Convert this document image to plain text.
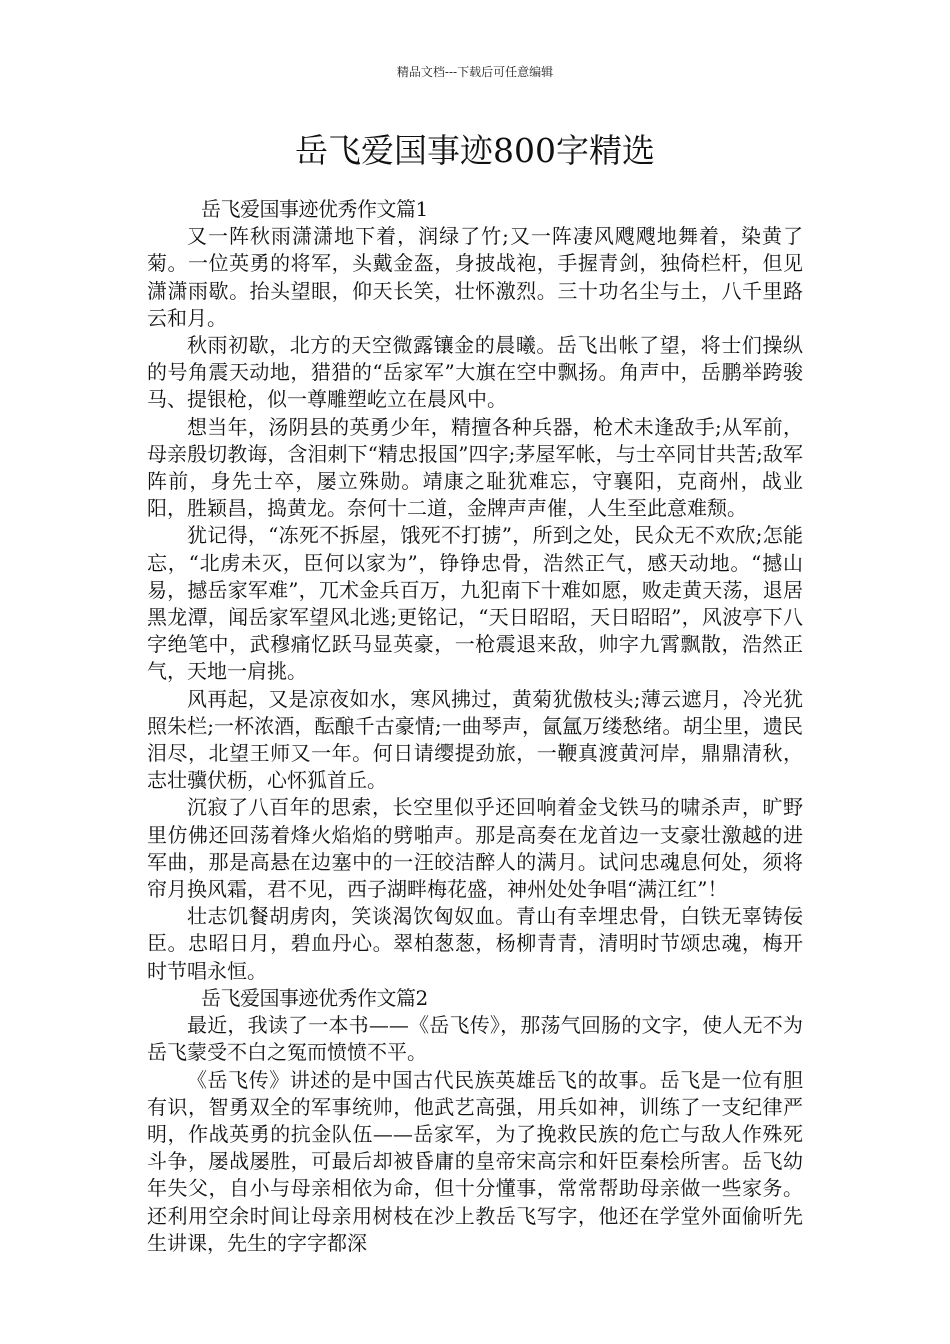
精品文档---下载后可任意编辑
岳飞爱国事迹800字精选

岳飞爱国事迹优秀作文篇1

又一阵秋雨潇潇地下着，润绿了竹;又一阵凄风飕飕地舞着，染黄了菊。一位英勇的将军，头戴金盔，身披战袍，手握青剑，独倚栏杆，但见潇潇雨歇。抬头望眼，仰天长笑，壮怀激烈。三十功名尘与土，八千里路云和月。

秋雨初歇，北方的天空微露镶金的晨曦。岳飞出帐了望，将士们操纵的号角震天动地，猎猎的“岳家军”大旗在空中飘扬。角声中，岳鹏举跨骏马、提银枪，似一尊雕塑屹立在晨风中。

想当年，汤阴县的英勇少年，精擅各种兵器，枪术未逢敌手;从军前，母亲殷切教诲，含泪刺下“精忠报国”四字;茅屋军帐，与士卒同甘共苦;敌军阵前，身先士卒，屡立殊勋。靖康之耻犹难忘，守襄阳，克商州，战业阳，胜颖昌，捣黄龙。奈何十二道，金牌声声催，人生至此意难颓。

犹记得，“冻死不拆屋，饿死不打掳”，所到之处，民众无不欢欣;怎能忘，“北虏未灭，臣何以家为”，铮铮忠骨，浩然正气，感天动地。“撼山易，撼岳家军难”，兀术金兵百万，九犯南下十难如愿，败走黄天荡，退居黑龙潭，闻岳家军望风北逃;更铭记，“天日昭昭，天日昭昭”，风波亭下八字绝笔中，武穆痛忆跃马显英豪，一枪震退来敌，帅字九霄飘散，浩然正气，天地一肩挑。

风再起，又是凉夜如水，寒风拂过，黄菊犹傲枝头;薄云遮月，冷光犹照朱栏;一杯浓酒，酝酿千古豪情;一曲琴声，氤氲万缕愁绪。胡尘里，遗民泪尽，北望王师又一年。何日请缨提劲旅，一鞭真渡黄河岸，鼎鼎清秋，志壮骥伏枥，心怀狐首丘。

沉寂了八百年的思索，长空里似乎还回响着金戈铁马的啸杀声，旷野里仿佛还回荡着烽火焰焰的劈啪声。那是高奏在龙首边一支豪壮激越的进军曲，那是高悬在边塞中的一汪皎洁醉人的满月。试问忠魂息何处，须将帘月换风霜，君不见，西子湖畔梅花盛，神州处处争唱“满江红”！

壮志饥餐胡虏肉，笑谈渴饮匈奴血。青山有幸埋忠骨，白铁无辜铸佞臣。忠昭日月，碧血丹心。翠柏葱葱，杨柳青青，清明时节颂忠魂，梅开时节唱永恒。

岳飞爱国事迹优秀作文篇2

最近，我读了一本书——《岳飞传》，那荡气回肠的文字，使人无不为岳飞蒙受不白之冤而愤愤不平。

《岳飞传》讲述的是中国古代民族英雄岳飞的故事。岳飞是一位有胆有识，智勇双全的军事统帅，他武艺高强，用兵如神，训练了一支纪律严明，作战英勇的抗金队伍——岳家军，为了挽救民族的危亡与敌人作殊死斗争，屡战屡胜，可最后却被昏庸的皇帝宋高宗和奸臣秦桧所害。岳飞幼年失父，自小与母亲相依为命，但十分懂事，常常帮助母亲做一些家务。还利用空余时间让母亲用树枝在沙上教岳飞写字，他还在学堂外面偷听先生讲课，先生的字字都深
